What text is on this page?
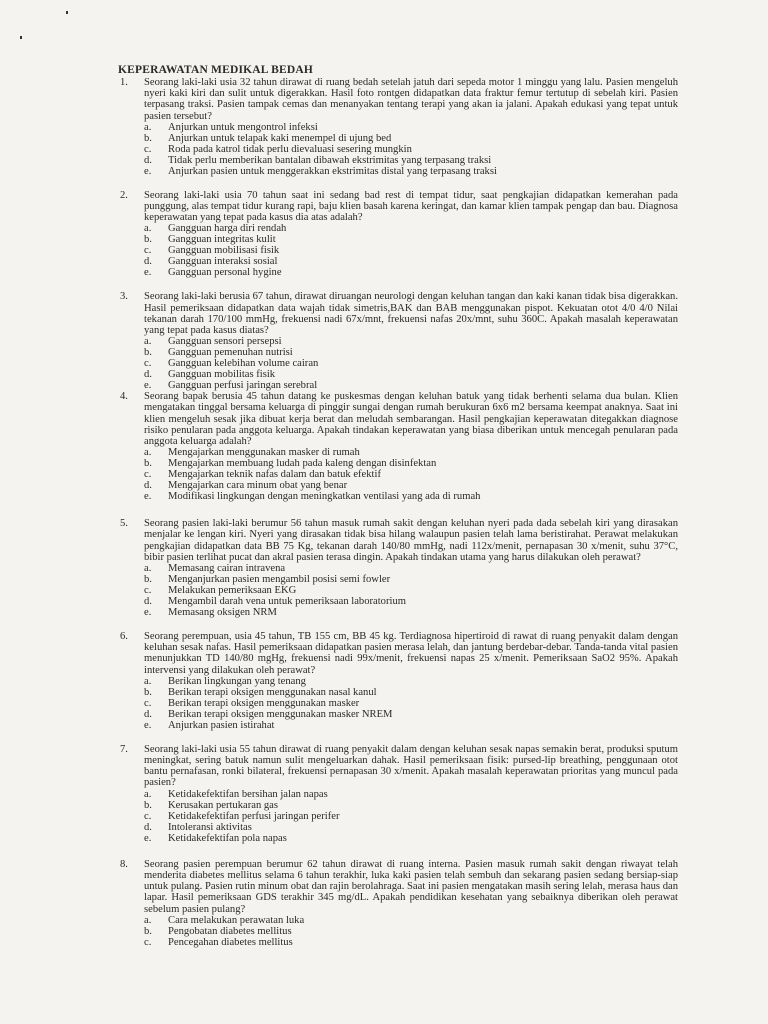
KEPERAWATAN MEDIKAL BEDAH
1. Seorang laki-laki usia 32 tahun dirawat di ruang bedah setelah jatuh dari sepeda motor 1 minggu yang lalu. Pasien mengeluh nyeri kaki kiri dan sulit untuk digerakkan. Hasil foto rontgen didapatkan data fraktur femur tertutup di sebelah kiri. Pasien terpasang traksi. Pasien tampak cemas dan menanyakan tentang terapi yang akan ia jalani. Apakah edukasi yang tepat untuk pasien tersebut?
a. Anjurkan untuk mengontrol infeksi
b. Anjurkan untuk telapak kaki menempel di ujung bed
c. Roda pada katrol tidak perlu dievaluasi sesering mungkin
d. Tidak perlu memberikan bantalan dibawah ekstrimitas yang terpasang traksi
e. Anjurkan pasien untuk menggerakkan ekstrimitas distal yang terpasang traksi
2. Seorang laki-laki usia 70 tahun saat ini sedang bad rest di tempat tidur, saat pengkajian didapatkan kemerahan pada punggung, alas tempat tidur kurang rapi, baju klien basah karena keringat, dan kamar klien tampak pengap dan bau. Diagnosa keperawatan yang tepat pada kasus dia atas adalah?
a. Gangguan harga diri rendah
b. Gangguan integritas kulit
c. Gangguan mobilisasi fisik
d. Gangguan interaksi sosial
e. Gangguan personal hygine
3. Seorang laki-laki berusia 67 tahun, dirawat diruangan neurologi dengan keluhan tangan dan kaki kanan tidak bisa digerakkan. Hasil pemeriksaan didapatkan data wajah tidak simetris,BAK dan BAB menggunakan pispot. Kekuatan otot 4/0 4/0 Nilai tekanan darah 170/100 mmHg, frekuensi nadi 67x/mnt, frekuensi nafas 20x/mnt, suhu 360C. Apakah masalah keperawatan yang tepat pada kasus diatas?
a. Gangguan sensori persepsi
b. Gangguan pemenuhan nutrisi
c. Gangguan kelebihan volume cairan
d. Gangguan mobilitas fisik
e. Gangguan perfusi jaringan serebral
4. Seorang bapak berusia 45 tahun datang ke puskesmas dengan keluhan batuk yang tidak berhenti selama dua bulan. Klien mengatakan tinggal bersama keluarga di pinggir sungai dengan rumah berukuran 6x6 m2 bersama keempat anaknya. Saat ini klien mengeluh sesak jika dibuat kerja berat dan meludah sembarangan. Hasil pengkajian keperawatan ditegakkan diagnose risiko penularan pada anggota keluarga. Apakah tindakan keperawatan yang biasa diberikan untuk mencegah penularan pada anggota keluarga adalah?
a. Mengajarkan menggunakan masker di rumah
b. Mengajarkan membuang ludah pada kaleng dengan disinfektan
c. Mengajarkan teknik nafas dalam dan batuk efektif
d. Mengajarkan cara minum obat yang benar
e. Modifikasi lingkungan dengan meningkatkan ventilasi yang ada di rumah
5. Seorang pasien laki-laki berumur 56 tahun masuk rumah sakit dengan keluhan nyeri pada dada sebelah kiri yang dirasakan menjalar ke lengan kiri. Nyeri yang dirasakan tidak bisa hilang walaupun pasien telah lama beristirahat. Perawat melakukan pengkajian didapatkan data BB 75 Kg, tekanan darah 140/80 mmHg, nadi 112x/menit, pernapasan 30 x/menit, suhu 37°C, bibir pasien terlihat pucat dan akral pasien terasa dingin. Apakah tindakan utama yang harus dilakukan oleh perawat?
a. Memasang cairan intravena
b. Menganjurkan pasien mengambil posisi semi fowler
c. Melakukan pemeriksaan EKG
d. Mengambil darah vena untuk pemeriksaan laboratorium
e. Memasang oksigen NRM
6. Seorang perempuan, usia 45 tahun, TB 155 cm, BB 45 kg. Terdiagnosa hipertiroid di rawat di ruang penyakit dalam dengan keluhan sesak nafas. Hasil pemeriksaan didapatkan pasien merasa lelah, dan jantung berdebar-debar. Tanda-tanda vital pasien menunjukkan TD 140/80 mgHg, frekuensi nadi 99x/menit, frekuensi napas 25 x/menit. Pemeriksaan SaO2 95%. Apakah intervensi yang dilakukan oleh perawat?
a. Berikan lingkungan yang tenang
b. Berikan terapi oksigen menggunakan nasal kanul
c. Berikan terapi oksigen menggunakan masker
d. Berikan terapi oksigen menggunakan masker NREM
e. Anjurkan pasien istirahat
7. Seorang laki-laki usia 55 tahun dirawat di ruang penyakit dalam dengan keluhan sesak napas semakin berat, produksi sputum meningkat, sering batuk namun sulit mengeluarkan dahak. Hasil pemeriksaan fisik: pursed-lip breathing, penggunaan otot bantu pernafasan, ronki bilateral, frekuensi pernapasan 30 x/menit. Apakah masalah keperawatan prioritas yang muncul pada pasien?
a. Ketidakefektifan bersihan jalan napas
b. Kerusakan pertukaran gas
c. Ketidakefektifan perfusi jaringan perifer
d. Intoleransi aktivitas
e. Ketidakefektifan pola napas
8. Seorang pasien perempuan berumur 62 tahun dirawat di ruang interna. Pasien masuk rumah sakit dengan riwayat telah menderita diabetes mellitus selama 6 tahun terakhir, luka kaki pasien telah sembuh dan sekarang pasien sedang bersiap-siap untuk pulang. Pasien rutin minum obat dan rajin berolahraga. Saat ini pasien mengatakan masih sering lelah, merasa haus dan lapar. Hasil pemeriksaan GDS terakhir 345 mg/dL. Apakah pendidikan kesehatan yang sebaiknya diberikan oleh perawat sebelum pasien pulang?
a. Cara melakukan perawatan luka
b. Pengobatan diabetes mellitus
c. Pencegahan diabetes mellitus
